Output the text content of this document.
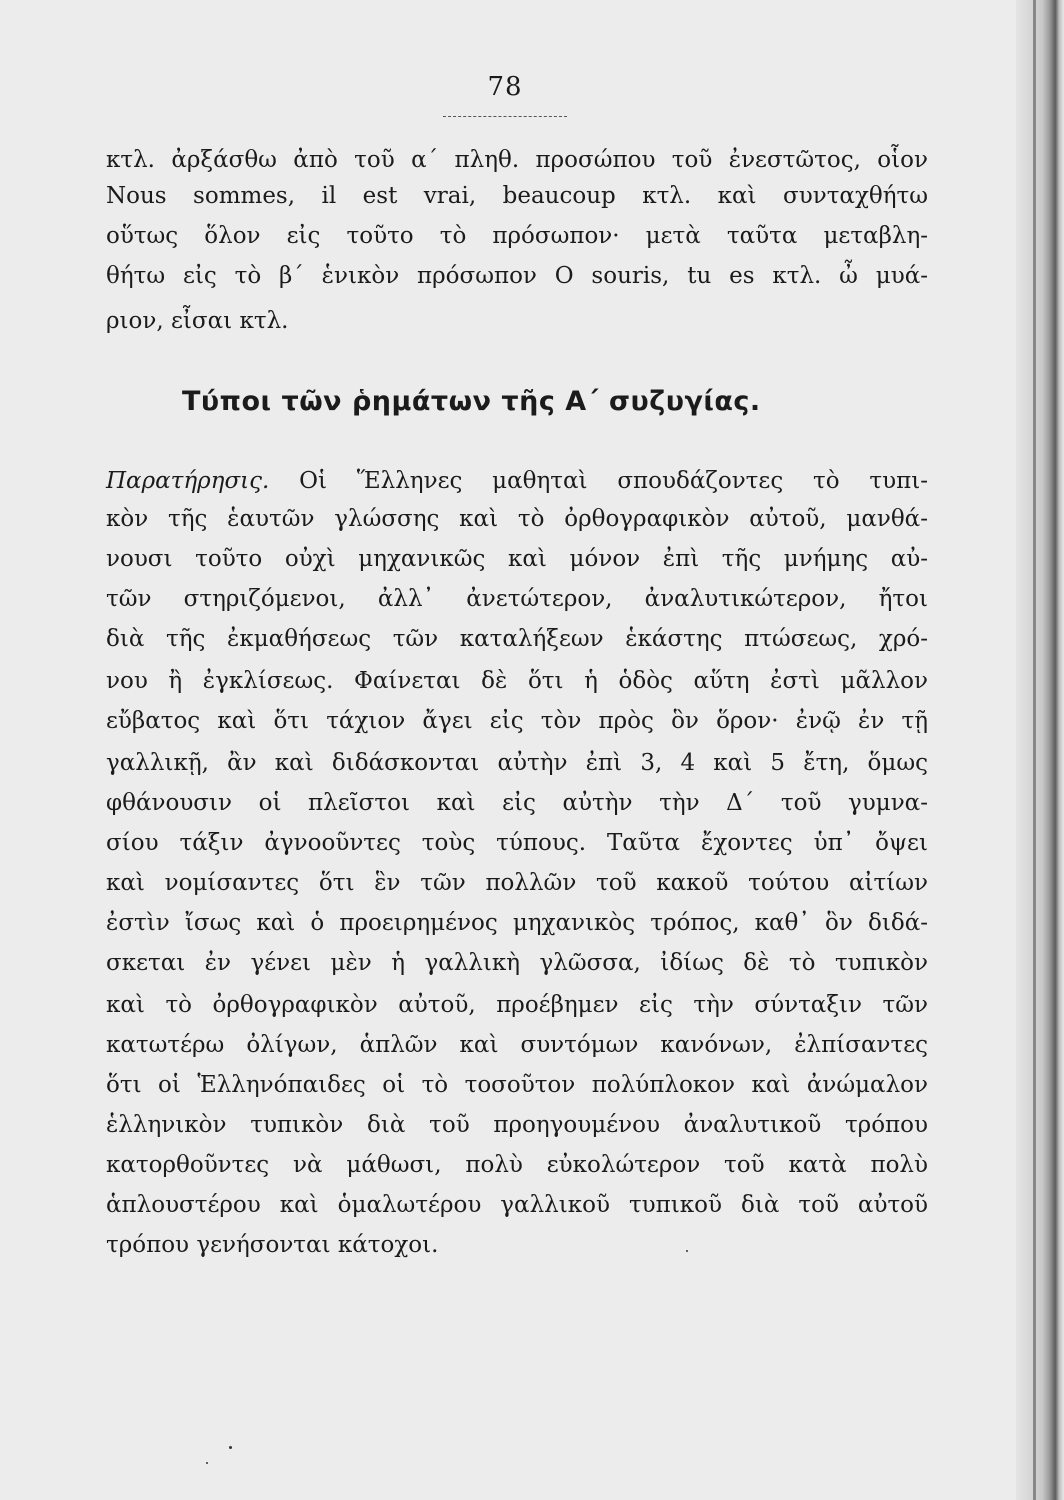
78
κτλ. ἀρξάσθω ἀπὸ τοῦ α΄ πληθ. προσώπου τοῦ ἐνεστῶτος, οἷον
Nous sommes, il est vrai, beaucoup κτλ. καὶ συνταχθήτω
οὕτως ὅλον εἰς τοῦτο τὸ πρόσωπον· μετὰ ταῦτα μεταβλη-
θήτω εἰς τὸ β΄ ἑνικὸν πρόσωπον O souris, tu es κτλ. ὦ μυά-
ριον, εἶσαι κτλ.
Τύποι τῶν ῥημάτων τῆς Α΄ συζυγίας.
Παρατήρησις. Οἱ Ἕλληνες μαθηταὶ σπουδάζοντες τὸ τυπι-
κὸν τῆς ἑαυτῶν γλώσσης καὶ τὸ ὀρθογραφικὸν αὐτοῦ, μανθά-
νουσι τοῦτο οὐχὶ μηχανικῶς καὶ μόνον ἐπὶ τῆς μνήμης αὐ-
τῶν στηριζόμενοι, ἀλλ᾿ ἀνετώτερον, ἀναλυτικώτερον, ἤτοι
διὰ τῆς ἐκμαθήσεως τῶν καταλήξεων ἑκάστης πτώσεως, χρό-
νου ἢ ἐγκλίσεως. Φαίνεται δὲ ὅτι ἡ ὁδὸς αὕτη ἐστὶ μᾶλλον
εὔβατος καὶ ὅτι τάχιον ἄγει εἰς τὸν πρὸς ὃν ὅρον· ἐνῷ ἐν τῇ
γαλλικῇ, ἂν καὶ διδάσκονται αὐτὴν ἐπὶ 3, 4 καὶ 5 ἔτη, ὅμως
φθάνουσιν οἱ πλεῖστοι καὶ εἰς αὐτὴν τὴν Δ΄ τοῦ γυμνα-
σίου τάξιν ἀγνοοῦντες τοὺς τύπους. Ταῦτα ἔχοντες ὑπ᾿ ὄψει
καὶ νομίσαντες ὅτι ἓν τῶν πολλῶν τοῦ κακοῦ τούτου αἰτίων
ἐστὶν ἴσως καὶ ὁ προειρημένος μηχανικὸς τρόπος, καθ᾿ ὃν διδά-
σκεται ἐν γένει μὲν ἡ γαλλικὴ γλῶσσα, ἰδίως δὲ τὸ τυπικὸν
καὶ τὸ ὀρθογραφικὸν αὐτοῦ, προέβημεν εἰς τὴν σύνταξιν τῶν
κατωτέρω ὀλίγων, ἁπλῶν καὶ συντόμων κανόνων, ἐλπίσαντες
ὅτι οἱ Ἑλληνόπαιδες οἱ τὸ τοσοῦτον πολύπλοκον καὶ ἀνώμαλον
ἑλληνικὸν τυπικὸν διὰ τοῦ προηγουμένου ἀναλυτικοῦ τρόπου
κατορθοῦντες νὰ μάθωσι, πολὺ εὐκολώτερον τοῦ κατὰ πολὺ
ἁπλουστέρου καὶ ὁμαλωτέρου γαλλικοῦ τυπικοῦ διὰ τοῦ αὐτοῦ
τρόπου γενήσονται κάτοχοι.
